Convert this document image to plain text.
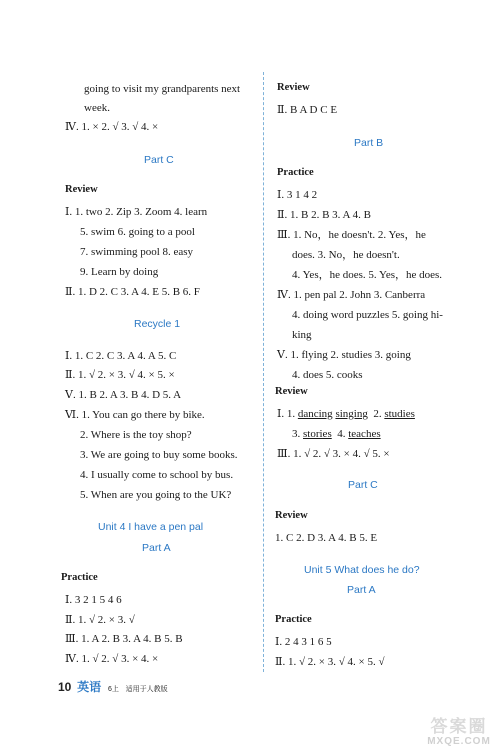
going to visit my grandparents next
week.
Ⅳ. 1. × 2. √ 3. √ 4. ×
Part C
Review
Ⅰ. 1. two 2. Zip 3. Zoom 4. learn
5. swim 6. going to a pool
7. swimming pool 8. easy
9. Learn by doing
Ⅱ. 1. D 2. C 3. A 4. E 5. B 6. F
Recycle 1
Ⅰ. 1. C 2. C 3. A 4. A 5. C
Ⅱ. 1. √ 2. × 3. √ 4. × 5. ×
Ⅴ. 1. B 2. A 3. B 4. D 5. A
Ⅵ. 1. You can go there by bike.
2. Where is the toy shop?
3. We are going to buy some books.
4. I usually come to school by bus.
5. When are you going to the UK?
Unit 4 I have a pen pal
Part A
Practice
Ⅰ. 3 2 1 5 4 6
Ⅱ. 1. √ 2. × 3. √
Ⅲ. 1. A 2. B 3. A 4. B 5. B
Ⅳ. 1. √ 2. √ 3. × 4. ×
Review
Ⅱ. B A D C E
Part B
Practice
Ⅰ. 3 1 4 2
Ⅱ. 1. B 2. B 3. A 4. B
Ⅲ. 1. No，he doesn't. 2. Yes，he
does. 3. No，he doesn't.
4. Yes，he does. 5. Yes，he does.
Ⅳ. 1. pen pal 2. John 3. Canberra
4. doing word puzzles 5. going hi-
king
Ⅴ. 1. flying 2. studies 3. going
4. does 5. cooks
Review
Ⅰ. 1. dancing singing 2. studies
3. stories 4. teaches
Ⅲ. 1. √ 2. √ 3. × 4. √ 5. ×
Part C
Review
1. C 2. D 3. A 4. B 5. E
Unit 5 What does he do?
Part A
Practice
Ⅰ. 2 4 3 1 6 5
Ⅱ. 1. √ 2. × 3. √ 4. × 5. √
10 英语 6上 适用于人教版
答案圈
MXQE.COM
